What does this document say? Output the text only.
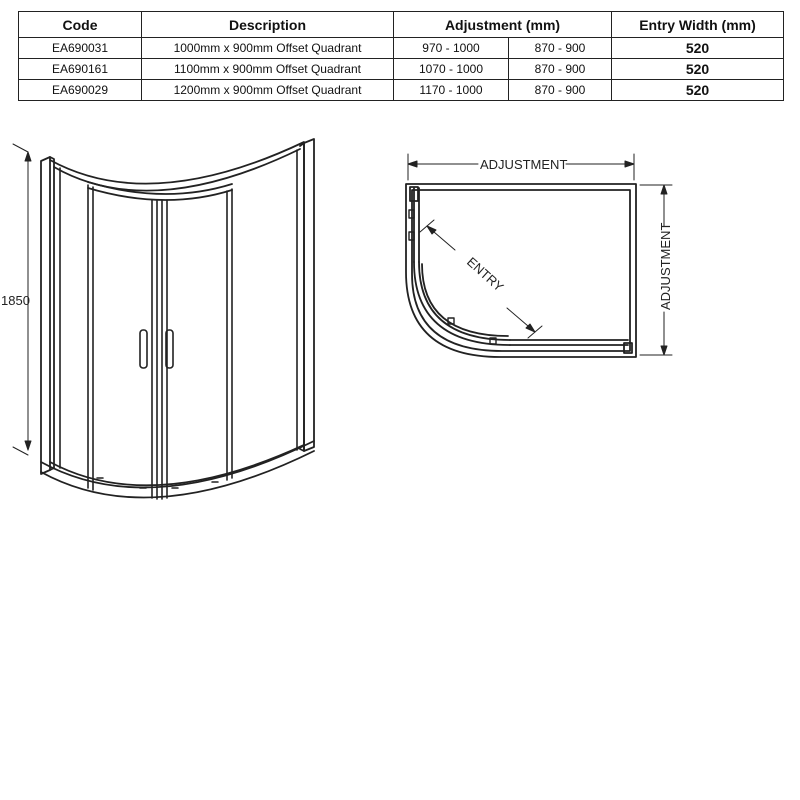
Code	Description	Adjustment (mm)		Entry Width (mm)
EA690031	1000mm x 900mm Offset Quadrant	970 - 1000	870 - 900	520
EA690161	1100mm x 900mm Offset Quadrant	1070 - 1000	870 - 900	520
EA690029	1200mm x 900mm Offset Quadrant	1170 - 1000	870 - 900	520
1850
ADJUSTMENT
ADJUSTMENT
ENTRY
